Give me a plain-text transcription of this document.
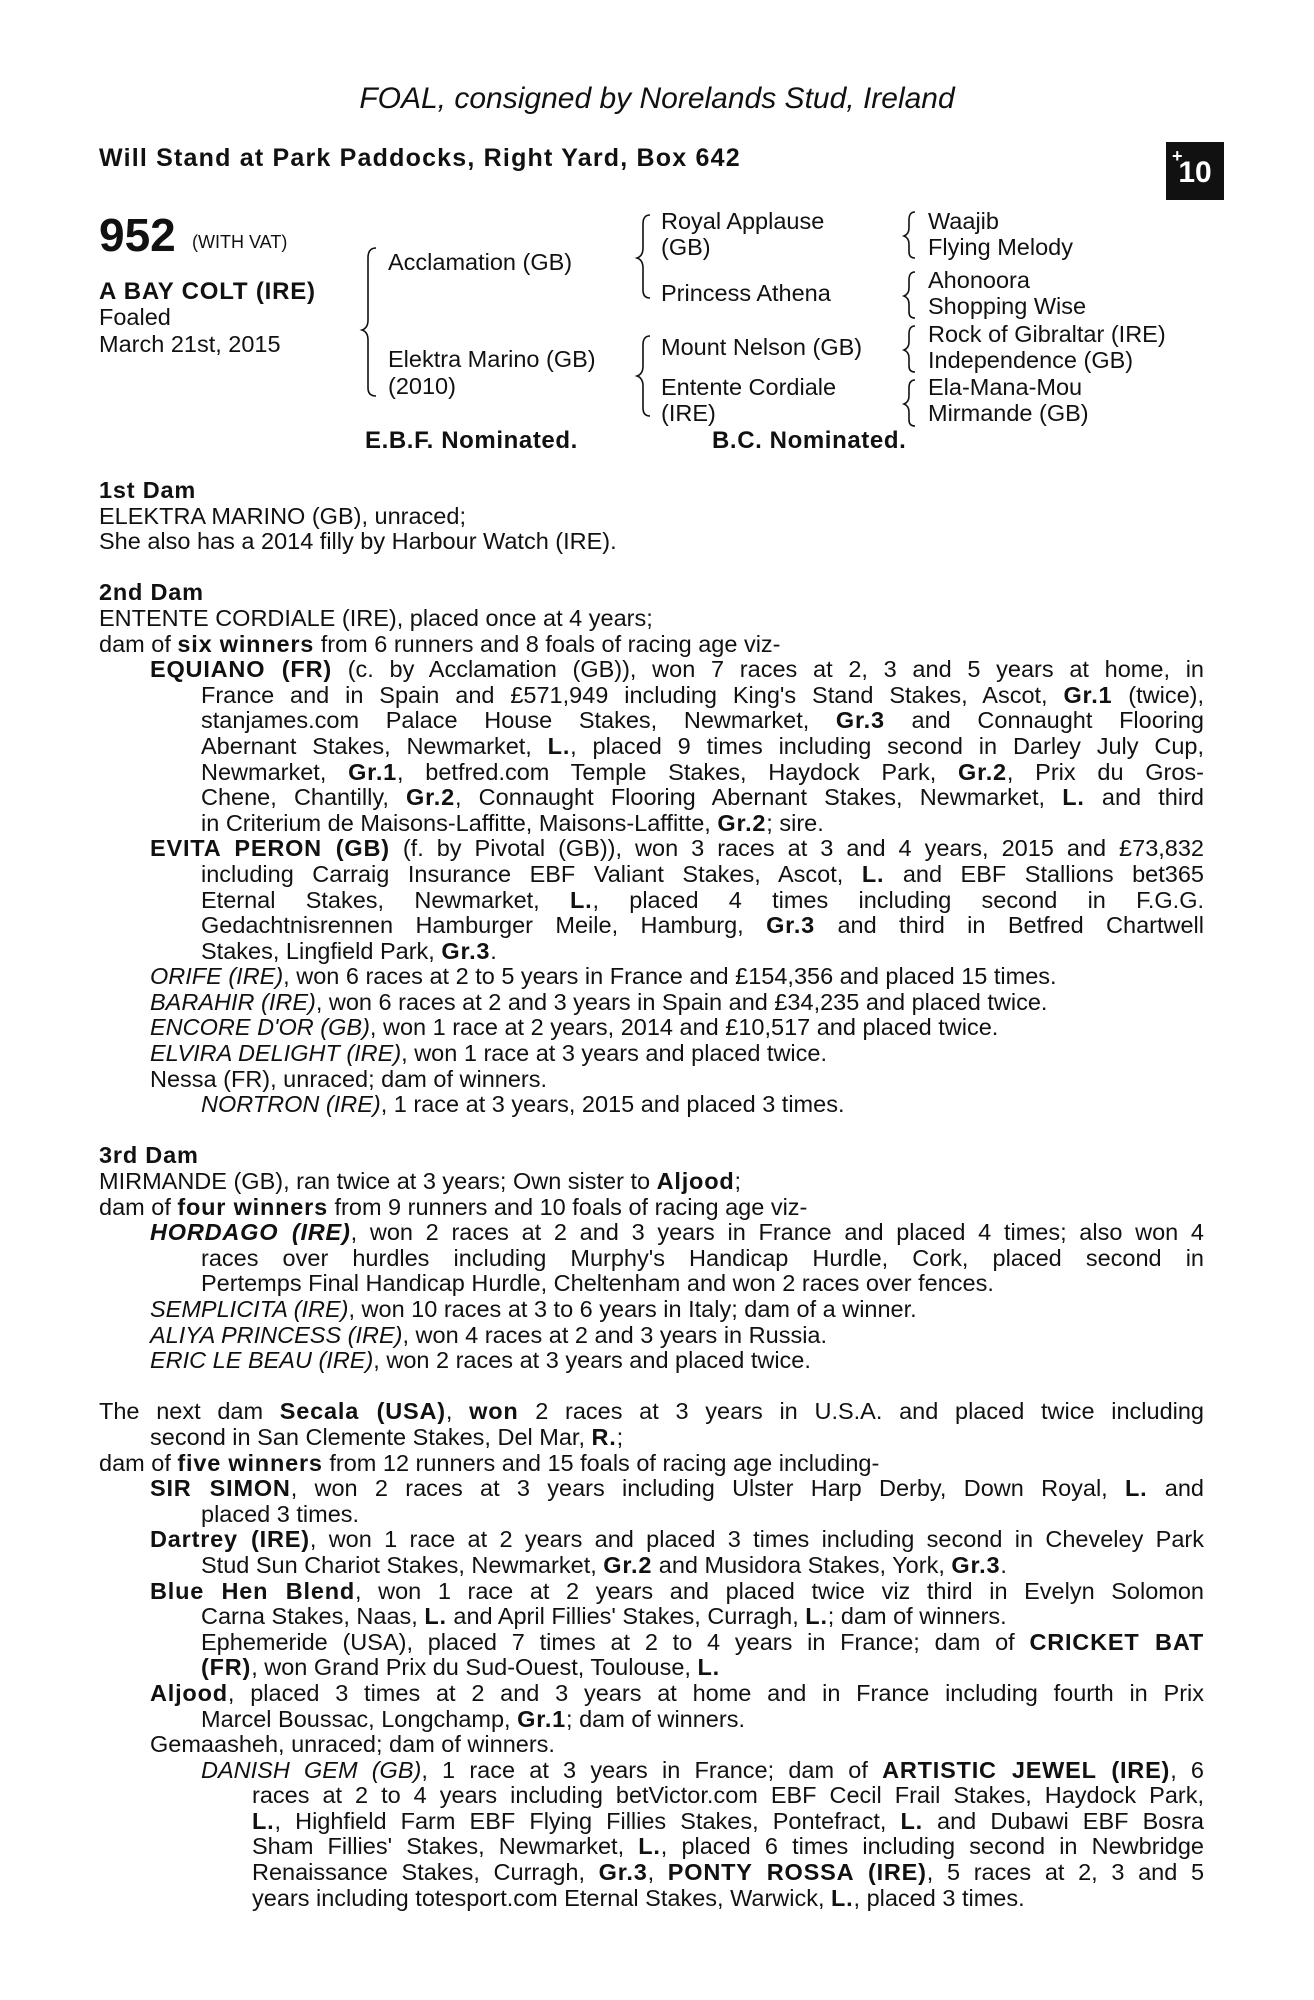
FOAL, consigned by Norelands Stud, Ireland
Will Stand at Park Paddocks, Right Yard, Box 642	+
10
952 (WITH VAT)
A BAY COLT (IRE)
Foaled
March 21st, 2015
Acclamation (GB)
Elektra Marino (GB)
(2010)
Royal Applause
(GB)
Princess Athena
Mount Nelson (GB)
Entente Cordiale
(IRE)
Waajib
Flying Melody
Ahonoora
Shopping Wise
Rock of Gibraltar (IRE)
Independence (GB)
Ela-Mana-Mou
Mirmande (GB)
E.B.F. Nominated.	B.C. Nominated.
1st Dam
ELEKTRA MARINO (GB), unraced;
She also has a 2014 filly by Harbour Watch (IRE).
2nd Dam
ENTENTE CORDIALE (IRE), placed once at 4 years;
dam of six winners from 6 runners and 8 foals of racing age viz-
EQUIANO (FR) (c. by Acclamation (GB)), won 7 races at 2, 3 and 5 years at home, in
France and in Spain and £571,949 including King's Stand Stakes, Ascot, Gr.1 (twice),
stanjames.com Palace House Stakes, Newmarket, Gr.3 and Connaught Flooring
Abernant Stakes, Newmarket, L., placed 9 times including second in Darley July Cup,
Newmarket, Gr.1, betfred.com Temple Stakes, Haydock Park, Gr.2, Prix du Gros-
Chene, Chantilly, Gr.2, Connaught Flooring Abernant Stakes, Newmarket, L. and third
in Criterium de Maisons-Laffitte, Maisons-Laffitte, Gr.2; sire.
EVITA PERON (GB) (f. by Pivotal (GB)), won 3 races at 3 and 4 years, 2015 and £73,832
including Carraig Insurance EBF Valiant Stakes, Ascot, L. and EBF Stallions bet365
Eternal Stakes, Newmarket, L., placed 4 times including second in F.G.G.
Gedachtnisrennen Hamburger Meile, Hamburg, Gr.3 and third in Betfred Chartwell
Stakes, Lingfield Park, Gr.3.
ORIFE (IRE), won 6 races at 2 to 5 years in France and £154,356 and placed 15 times.
BARAHIR (IRE), won 6 races at 2 and 3 years in Spain and £34,235 and placed twice.
ENCORE D'OR (GB), won 1 race at 2 years, 2014 and £10,517 and placed twice.
ELVIRA DELIGHT (IRE), won 1 race at 3 years and placed twice.
Nessa (FR), unraced; dam of winners.
NORTRON (IRE), 1 race at 3 years, 2015 and placed 3 times.
3rd Dam
MIRMANDE (GB), ran twice at 3 years; Own sister to Aljood;
dam of four winners from 9 runners and 10 foals of racing age viz-
HORDAGO (IRE), won 2 races at 2 and 3 years in France and placed 4 times; also won 4
races over hurdles including Murphy's Handicap Hurdle, Cork, placed second in
Pertemps Final Handicap Hurdle, Cheltenham and won 2 races over fences.
SEMPLICITA (IRE), won 10 races at 3 to 6 years in Italy; dam of a winner.
ALIYA PRINCESS (IRE), won 4 races at 2 and 3 years in Russia.
ERIC LE BEAU (IRE), won 2 races at 3 years and placed twice.
The next dam Secala (USA), won 2 races at 3 years in U.S.A. and placed twice including
second in San Clemente Stakes, Del Mar, R.;
dam of five winners from 12 runners and 15 foals of racing age including-
SIR SIMON, won 2 races at 3 years including Ulster Harp Derby, Down Royal, L. and
placed 3 times.
Dartrey (IRE), won 1 race at 2 years and placed 3 times including second in Cheveley Park
Stud Sun Chariot Stakes, Newmarket, Gr.2 and Musidora Stakes, York, Gr.3.
Blue Hen Blend, won 1 race at 2 years and placed twice viz third in Evelyn Solomon
Carna Stakes, Naas, L. and April Fillies' Stakes, Curragh, L.; dam of winners.
Ephemeride (USA), placed 7 times at 2 to 4 years in France; dam of CRICKET BAT
(FR), won Grand Prix du Sud-Ouest, Toulouse, L.
Aljood, placed 3 times at 2 and 3 years at home and in France including fourth in Prix
Marcel Boussac, Longchamp, Gr.1; dam of winners.
Gemaasheh, unraced; dam of winners.
DANISH GEM (GB), 1 race at 3 years in France; dam of ARTISTIC JEWEL (IRE), 6
races at 2 to 4 years including betVictor.com EBF Cecil Frail Stakes, Haydock Park,
L., Highfield Farm EBF Flying Fillies Stakes, Pontefract, L. and Dubawi EBF Bosra
Sham Fillies' Stakes, Newmarket, L., placed 6 times including second in Newbridge
Renaissance Stakes, Curragh, Gr.3, PONTY ROSSA (IRE), 5 races at 2, 3 and 5
years including totesport.com Eternal Stakes, Warwick, L., placed 3 times.
